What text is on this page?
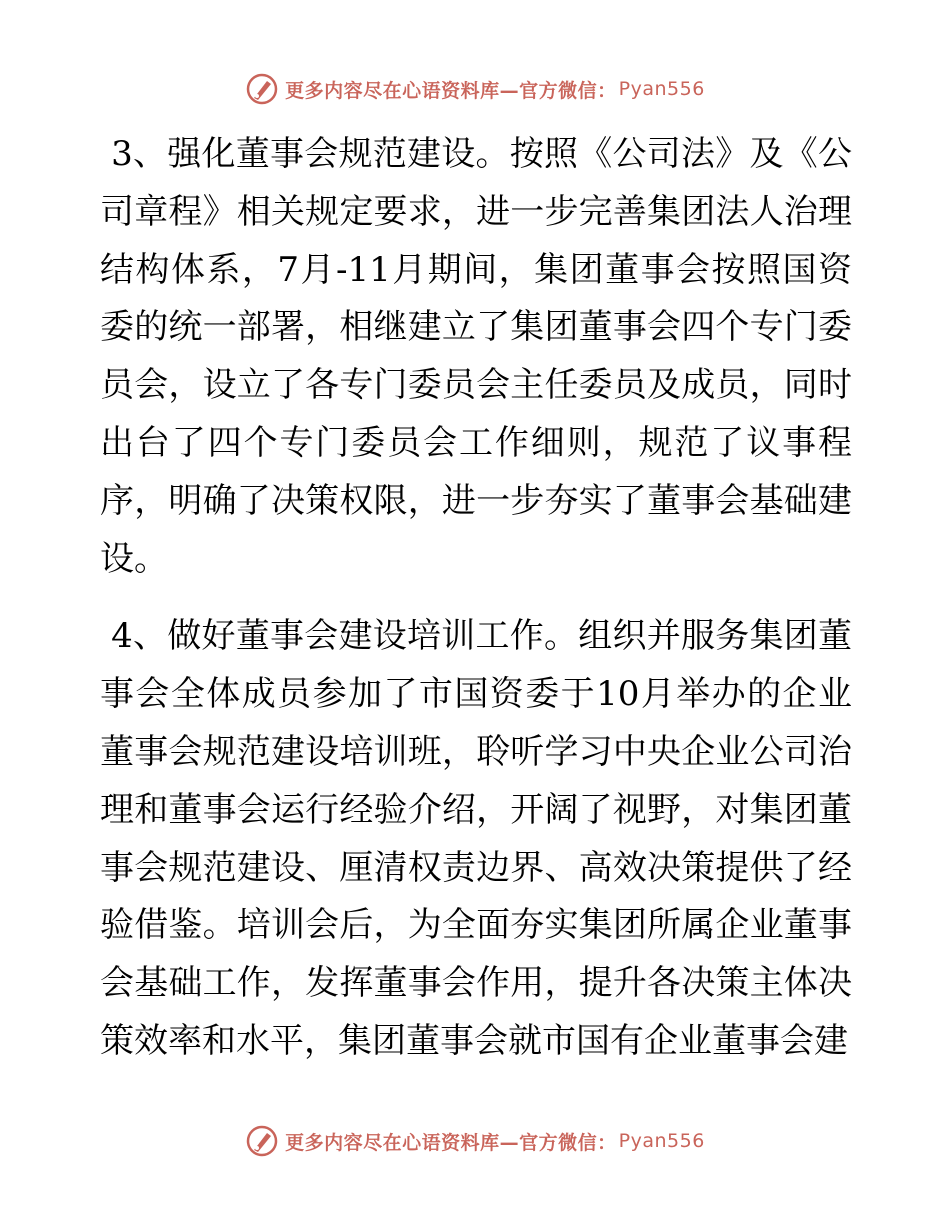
更多内容尽在心语资料库—官方微信： Pyan556

3、强化董事会规范建设。按照《公司法》及《公司章程》相关规定要求，进一步完善集团法人治理结构体系，7月-11月期间，集团董事会按照国资委的统一部署，相继建立了集团董事会四个专门委员会，设立了各专门委员会主任委员及成员，同时出台了四个专门委员会工作细则，规范了议事程序，明确了决策权限，进一步夯实了董事会基础建设。

4、做好董事会建设培训工作。组织并服务集团董事会全体成员参加了市国资委于10月举办的企业董事会规范建设培训班，聆听学习中央企业公司治理和董事会运行经验介绍，开阔了视野，对集团董事会规范建设、厘清权责边界、高效决策提供了经验借鉴。培训会后，为全面夯实集团所属企业董事会基础工作，发挥董事会作用，提升各决策主体决策效率和水平，集团董事会就市国有企业董事会建

更多内容尽在心语资料库—官方微信： Pyan556
